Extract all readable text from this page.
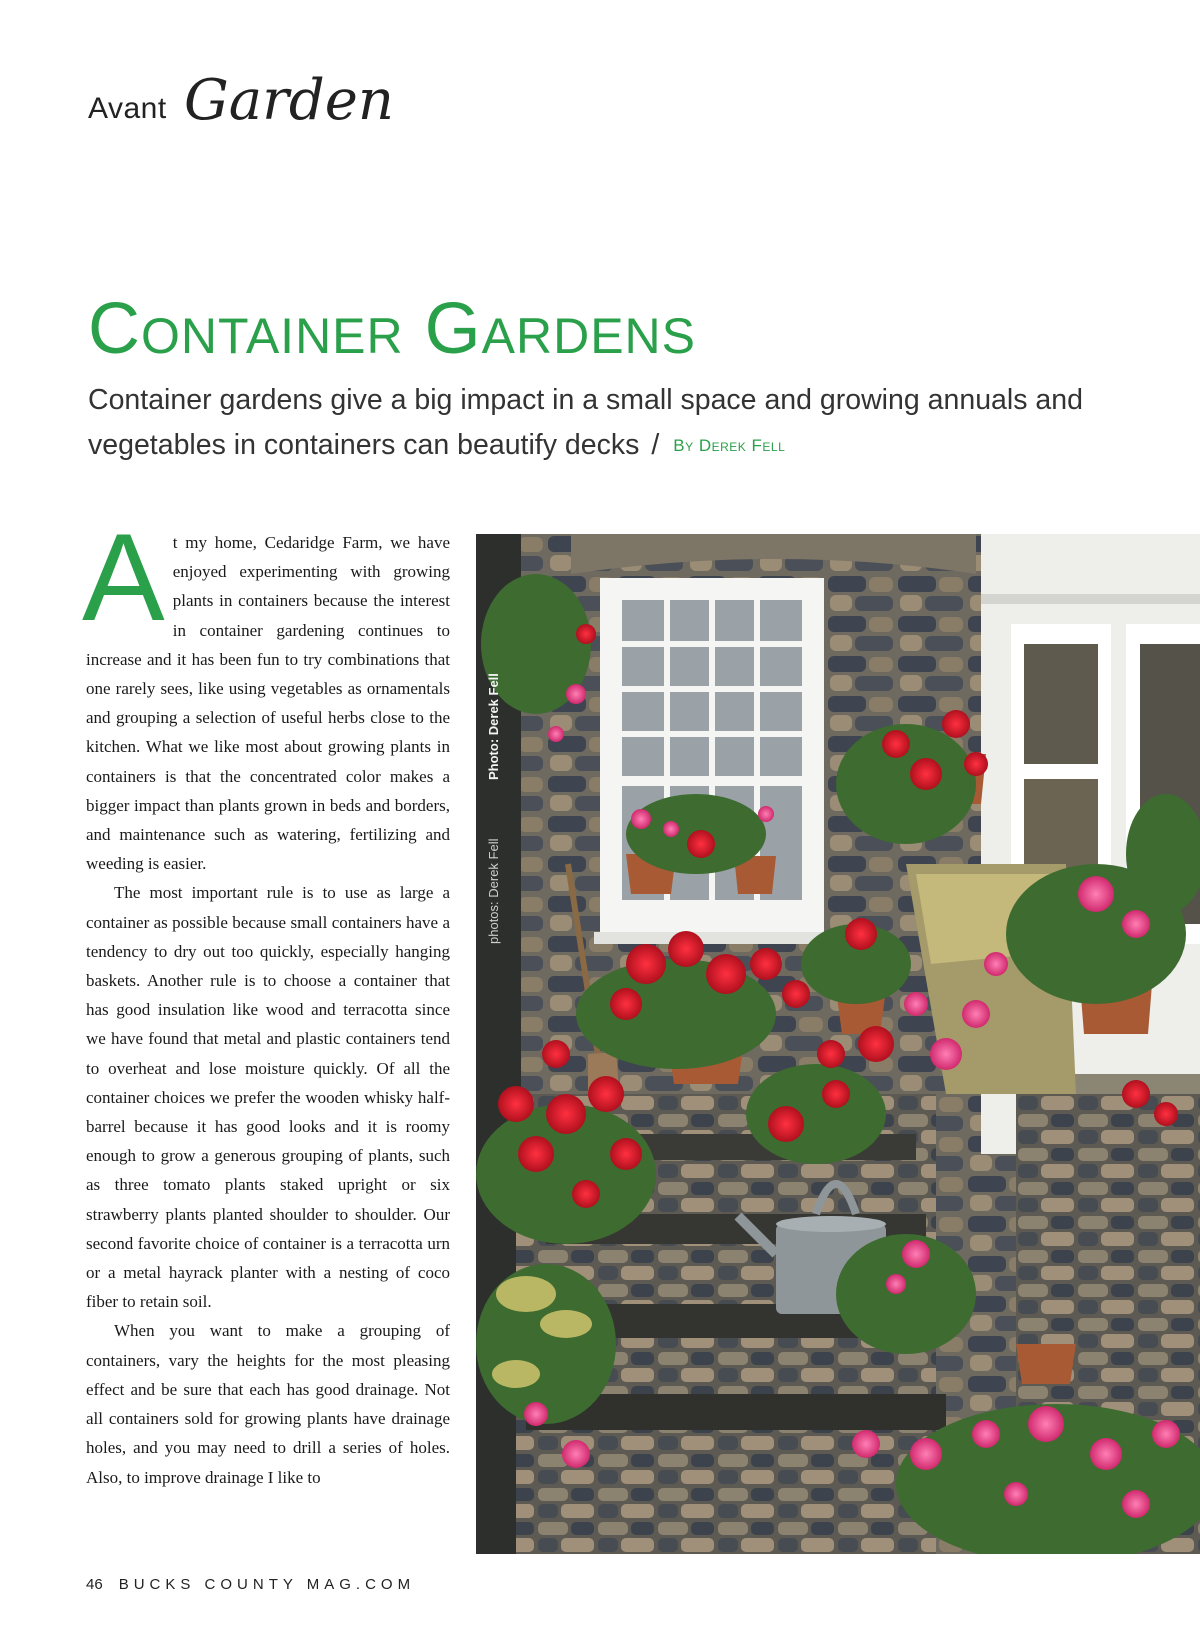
Avant Garden
Container Gardens
Container gardens give a big impact in a small space and growing annuals and vegetables in containers can beautify decks / By Derek Fell

At my home, Cedaridge Farm, we have enjoyed experimenting with growing plants in containers because the interest in container gardening continues to increase and it has been fun to try combinations that one rarely sees, like using vegetables as ornamentals and grouping a selection of useful herbs close to the kitchen. What we like most about growing plants in containers is that the concentrated color makes a bigger impact than plants grown in beds and borders, and maintenance such as watering, fertilizing and weeding is easier.

The most important rule is to use as large a container as possible because small containers have a tendency to dry out too quickly, especially hanging baskets. Another rule is to choose a container that has good insulation like wood and terracotta since we have found that metal and plastic containers tend to overheat and lose moisture quickly. Of all the container choices we prefer the wooden whisky half-barrel because it has good looks and it is roomy enough to grow a generous grouping of plants, such as three tomato plants staked upright or six strawberry plants planted shoulder to shoulder. Our second favorite choice of container is a terracotta urn or a metal hayrack planter with a nesting of coco fiber to retain soil.

When you want to make a grouping of containers, vary the heights for the most pleasing effect and be sure that each has good drainage. Not all containers sold for growing plants have drainage holes, and you may need to drill a series of holes. Also, to improve drainage I like to

Photo: Derek Fell
photos: Derek Fell
46 BUCKS COUNTY MAG.COM
